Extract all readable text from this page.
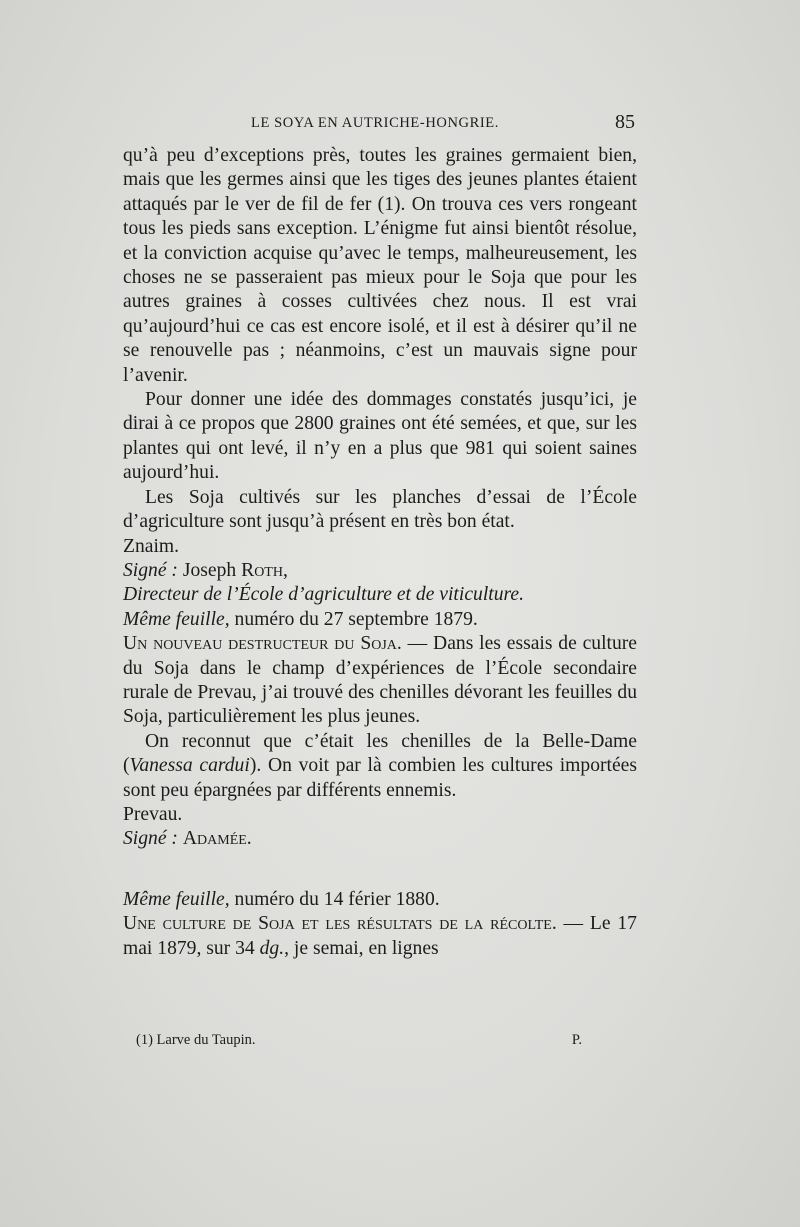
LE SOYA EN AUTRICHE-HONGRIE.	85

qu’à peu d’exceptions près, toutes les graines germaient bien, mais que les germes ainsi que les tiges des jeunes plantes étaient attaqués par le ver de fil de fer (1). On trouva ces vers rongeant tous les pieds sans exception. L’énigme fut ainsi bientôt résolue, et la conviction acquise qu’avec le temps, malheureusement, les choses ne se passeraient pas mieux pour le Soja que pour les autres graines à cosses cultivées chez nous. Il est vrai qu’aujourd’hui ce cas est encore isolé, et il est à désirer qu’il ne se renouvelle pas ; néanmoins, c’est un mauvais signe pour l’avenir.

Pour donner une idée des dommages constatés jusqu’ici, je dirai à ce propos que 2800 graines ont été semées, et que, sur les plantes qui ont levé, il n’y en a plus que 981 qui soient saines aujourd’hui.

Les Soja cultivés sur les planches d’essai de l’École d’agriculture sont jusqu’à présent en très bon état.

Znaim.

Signé : Joseph Roth,

Directeur de l’École d’agriculture et de viticulture.

Même feuille, numéro du 27 septembre 1879.

Un nouveau destructeur du Soja. — Dans les essais de culture du Soja dans le champ d’expériences de l’École secondaire rurale de Prevau, j’ai trouvé des chenilles dévorant les feuilles du Soja, particulièrement les plus jeunes.

On reconnut que c’était les chenilles de la Belle-Dame (Vanessa cardui). On voit par là combien les cultures importées sont peu épargnées par différents ennemis.

Prevau.

Signé : Adamée.

Même feuille, numéro du 14 férier 1880.

Une culture de Soja et les résultats de la récolte. — Le 17 mai 1879, sur 34 dg., je semai, en lignes

(1) Larve du Taupin.	P.
